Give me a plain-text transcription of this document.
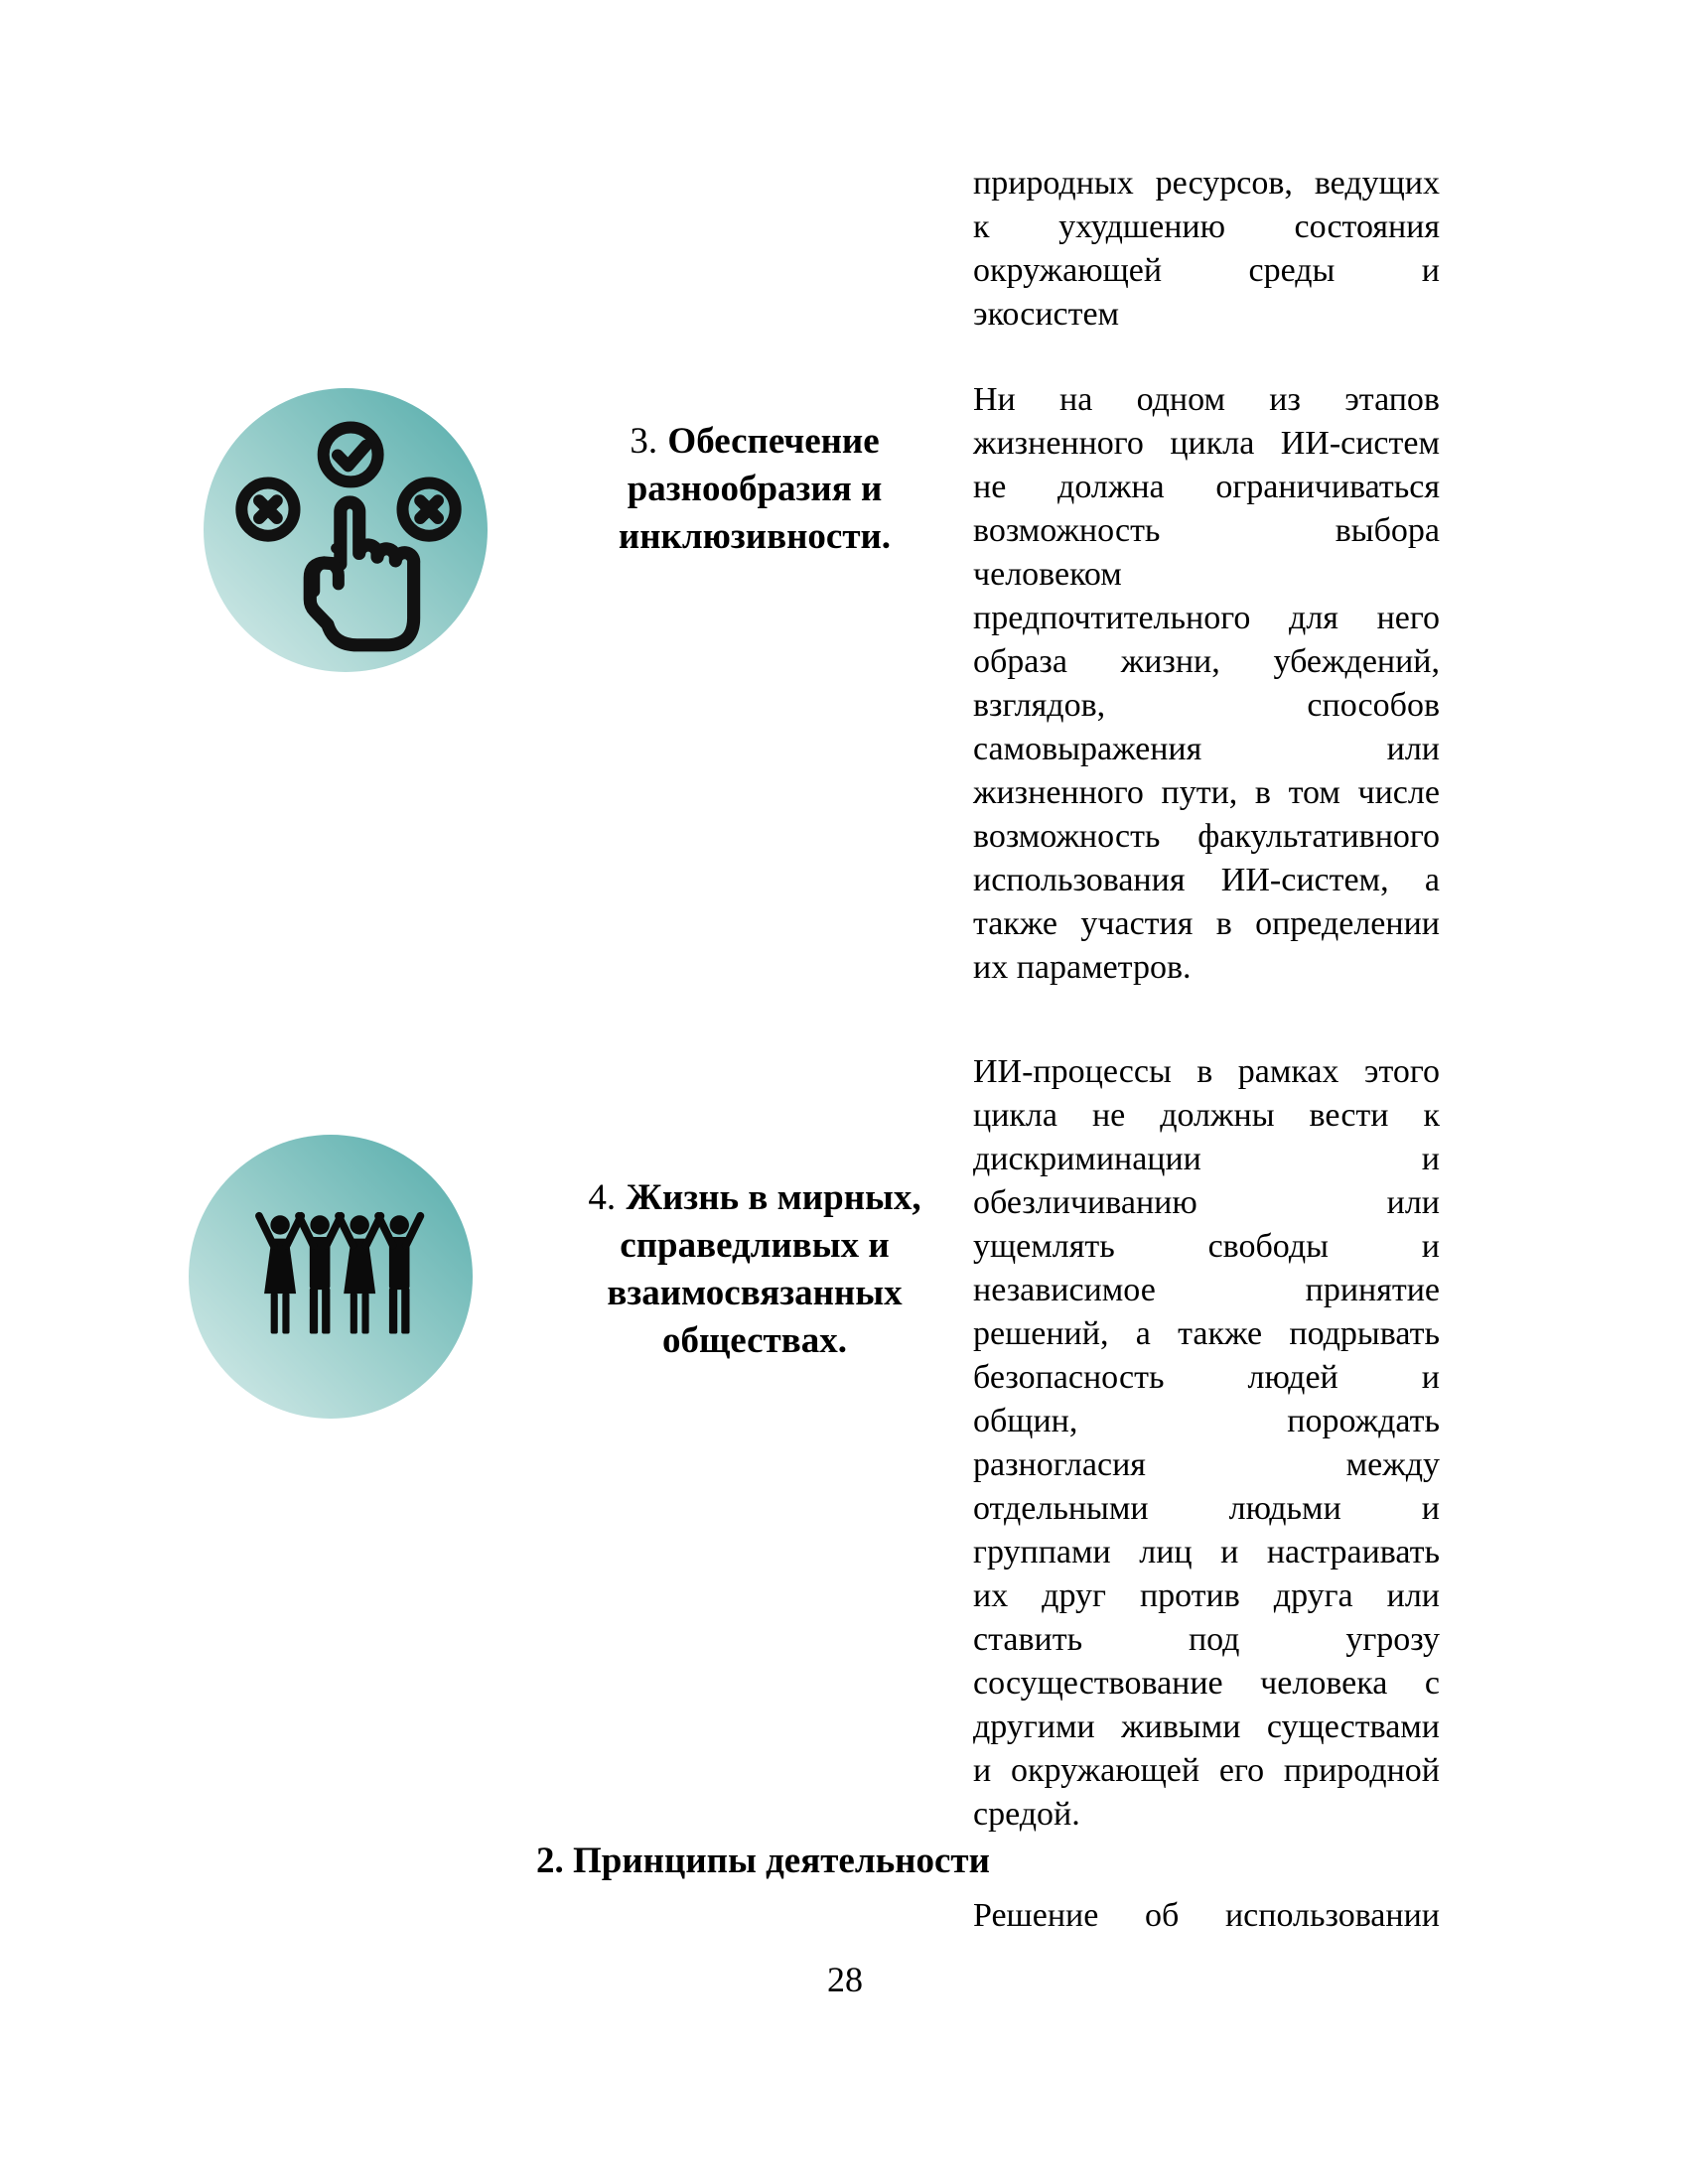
3. Обеспечение разнообразия и инклюзивности.
4. Жизнь в мирных, справедливых и взаимосвязанных обществах.
природных ресурсов, ведущих
к ухудшению состояния
окружающей	среды	и
экосистем
Ни на одном из этапов
жизненного цикла ИИ-систем
не должна ограничиваться
возможность	выбора
человеком
предпочтительного для него
образа жизни, убеждений,
взглядов,	способов
самовыражения	или
жизненного пути, в том числе
возможность факультативного
использования ИИ-систем, а
также участия в определении
их параметров.
ИИ-процессы в рамках этого
цикла не должны вести к
дискриминации	и
обезличиванию	или
ущемлять	свободы	и
независимое	принятие
решений, а также подрывать
безопасность людей и
общин,	порождать
разногласия	между
отдельными людьми и
группами лиц и настраивать
их друг против друга или
ставить	под	угрозу
сосуществование человека с
другими живыми существами
и окружающей его природной
средой.
Решение об использовании
2. Принципы деятельности
28
